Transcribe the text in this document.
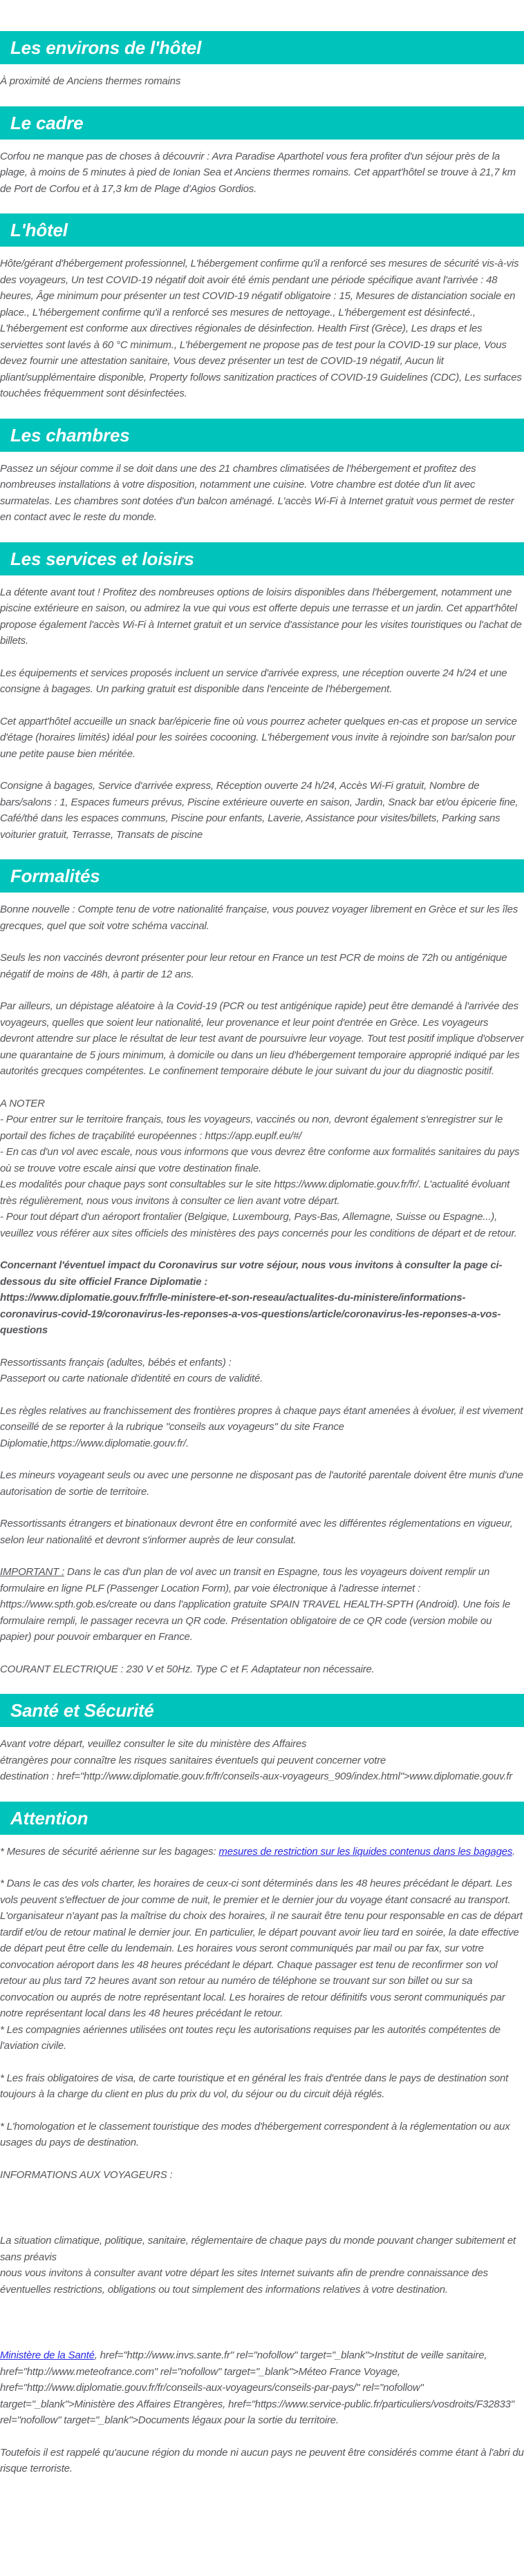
Les environs de l'hôtel

À proximité de Anciens thermes romains

Le cadre

Corfou ne manque pas de choses à découvrir : Avra Paradise Aparthotel vous fera profiter d'un séjour près de la plage, à moins de 5 minutes à pied de Ionian Sea et Anciens thermes romains. Cet appart'hôtel se trouve à 21,7 km de Port de Corfou et à 17,3 km de Plage d'Agios Gordios.

L'hôtel

Hôte/gérant d'hébergement professionnel, L'hébergement confirme qu'il a renforcé ses mesures de sécurité vis-à-vis des voyageurs, Un test COVID-19 négatif doit avoir été émis pendant une période spécifique avant l'arrivée : 48 heures, Âge minimum pour présenter un test COVID-19 négatif obligatoire : 15, Mesures de distanciation sociale en place., L'hébergement confirme qu'il a renforcé ses mesures de nettoyage., L'hébergement est désinfecté., L'hébergement est conforme aux directives régionales de désinfection. Health First (Grèce), Les draps et les serviettes sont lavés à 60 °C minimum., L'hébergement ne propose pas de test pour la COVID-19 sur place, Vous devez fournir une attestation sanitaire, Vous devez présenter un test de COVID-19 négatif, Aucun lit pliant/supplémentaire disponible, Property follows sanitization practices of COVID-19 Guidelines (CDC), Les surfaces touchées fréquemment sont désinfectées.

Les chambres

Passez un séjour comme il se doit dans une des 21 chambres climatisées de l'hébergement et profitez des nombreuses installations à votre disposition, notamment une cuisine. Votre chambre est dotée d'un lit avec surmatelas. Les chambres sont dotées d'un balcon aménagé. L'accès Wi-Fi à Internet gratuit vous permet de rester en contact avec le reste du monde.

Les services et loisirs

La détente avant tout ! Profitez des nombreuses options de loisirs disponibles dans l'hébergement, notamment une piscine extérieure en saison, ou admirez la vue qui vous est offerte depuis une terrasse et un jardin. Cet appart'hôtel propose également l'accès Wi-Fi à Internet gratuit et un service d'assistance pour les visites touristiques ou l'achat de billets.

Les équipements et services proposés incluent un service d'arrivée express, une réception ouverte 24 h/24 et une consigne à bagages. Un parking gratuit est disponible dans l'enceinte de l'hébergement.

Cet appart'hôtel accueille un snack bar/épicerie fine où vous pourrez acheter quelques en-cas et propose un service d'étage (horaires limités) idéal pour les soirées cocooning. L'hébergement vous invite à rejoindre son bar/salon pour une petite pause bien méritée.

Consigne à bagages, Service d'arrivée express, Réception ouverte 24 h/24, Accès Wi-Fi gratuit, Nombre de bars/salons : 1, Espaces fumeurs prévus, Piscine extérieure ouverte en saison, Jardin, Snack bar et/ou épicerie fine, Café/thé dans les espaces communs, Piscine pour enfants, Laverie, Assistance pour visites/billets, Parking sans voiturier gratuit, Terrasse, Transats de piscine

Formalités

Bonne nouvelle : Compte tenu de votre nationalité française, vous pouvez voyager librement en Grèce et sur les îles grecques, quel que soit votre schéma vaccinal.

Seuls les non vaccinés devront présenter pour leur retour en France un test PCR de moins de 72h ou antigénique négatif de moins de 48h, à partir de 12 ans.

Par ailleurs, un dépistage aléatoire à la Covid-19 (PCR ou test antigénique rapide) peut être demandé à l'arrivée des voyageurs, quelles que soient leur nationalité, leur provenance et leur point d'entrée en Grèce. Les voyageurs devront attendre sur place le résultat de leur test avant de poursuivre leur voyage. Tout test positif implique d'observer une quarantaine de 5 jours minimum, à domicile ou dans un lieu d'hébergement temporaire approprié indiqué par les autorités grecques compétentes. Le confinement temporaire débute le jour suivant du jour du diagnostic positif.

A NOTER
- Pour entrer sur le territoire français, tous les voyageurs, vaccinés ou non, devront également s'enregistrer sur le portail des fiches de traçabilité européennes : https://app.euplf.eu/#/
- En cas d'un vol avec escale, nous vous informons que vous devrez être conforme aux formalités sanitaires du pays où se trouve votre escale ainsi que votre destination finale.
Les modalités pour chaque pays sont consultables sur le site https://www.diplomatie.gouv.fr/fr/. L'actualité évoluant très régulièrement, nous vous invitons à consulter ce lien avant votre départ.
- Pour tout départ d'un aéroport frontalier (Belgique, Luxembourg, Pays-Bas, Allemagne, Suisse ou Espagne...), veuillez vous référer aux sites officiels des ministères des pays concernés pour les conditions de départ et de retour.
Concernant l'éventuel impact du Coronavirus sur votre séjour, nous vous invitons à consulter la page ci-dessous du site officiel France Diplomatie :
https://www.diplomatie.gouv.fr/fr/le-ministere-et-son-reseau/actualites-du-ministere/informations-coronavirus-covid-19/coronavirus-les-reponses-a-vos-questions/article/coronavirus-les-reponses-a-vos-questions
Ressortissants français (adultes, bébés et enfants) :
Passeport ou carte nationale d'identité en cours de validité.

Les règles relatives au franchissement des frontières propres à chaque pays étant amenées à évoluer, il est vivement conseillé de se reporter à la rubrique "conseils aux voyageurs" du site France Diplomatie,https://www.diplomatie.gouv.fr/.

Les mineurs voyageant seuls ou avec une personne ne disposant pas de l'autorité parentale doivent être munis d'une autorisation de sortie de territoire.

Ressortissants étrangers et binationaux devront être en conformité avec les différentes réglementations en vigueur, selon leur nationalité et devront s'informer auprès de leur consulat.

IMPORTANT : Dans le cas d'un plan de vol avec un transit en Espagne, tous les voyageurs doivent remplir un formulaire en ligne PLF (Passenger Location Form), par voie électronique à l'adresse internet : https://www.spth.gob.es/create ou dans l'application gratuite SPAIN TRAVEL HEALTH-SPTH (Android). Une fois le formulaire rempli, le passager recevra un QR code. Présentation obligatoire de ce QR code (version mobile ou papier) pour pouvoir embarquer en France.

COURANT ELECTRIQUE : 230 V et 50Hz. Type C et F. Adaptateur non nécessaire.

Santé et Sécurité
Avant votre départ, veuillez consulter le site du ministère des Affaires
étrangères pour connaître les risques sanitaires éventuels qui peuvent concerner votre
destination : href="http://www.diplomatie.gouv.fr/fr/conseils-aux-voyageurs_909/index.html">www.diplomatie.gouv.fr
Attention

* Mesures de sécurité aérienne sur les bagages: mesures de restriction sur les liquides contenus dans les bagages.

* Dans le cas des vols charter, les horaires de ceux-ci sont déterminés dans les 48 heures précédant le départ. Les vols peuvent s'effectuer de jour comme de nuit, le premier et le dernier jour du voyage étant consacré au transport. L'organisateur n'ayant pas la maîtrise du choix des horaires, il ne saurait être tenu pour responsable en cas de départ tardif et/ou de retour matinal le dernier jour. En particulier, le départ pouvant avoir lieu tard en soirée, la date effective de départ peut être celle du lendemain. Les horaires vous seront communiqués par mail ou par fax, sur votre convocation aéroport dans les 48 heures précédant le départ. Chaque passager est tenu de reconfirmer son vol retour au plus tard 72 heures avant son retour au numéro de téléphone se trouvant sur son billet ou sur sa convocation ou auprés de notre représentant local. Les horaires de retour définitifs vous seront communiqués par notre représentant local dans les 48 heures précédant le retour.
* Les compagnies aériennes utilisées ont toutes reçu les autorisations requises par les autorités compétentes de l'aviation civile.

* Les frais obligatoires de visa, de carte touristique et en général les frais d'entrée dans le pays de destination sont toujours à la charge du client en plus du prix du vol, du séjour ou du circuit déjà réglés.

* L'homologation et le classement touristique des modes d'hébergement correspondent à la réglementation ou aux usages du pays de destination.

INFORMATIONS AUX VOYAGEURS :

La situation climatique, politique, sanitaire, réglementaire de chaque pays du monde pouvant changer subitement et sans préavis
nous vous invitons à consulter avant votre départ les sites Internet suivants afin de prendre connaissance des éventuelles restrictions, obligations ou tout simplement des informations relatives à votre destination.
Ministère de la Santé, href="http://www.invs.sante.fr" rel="nofollow" target="_blank">Institut de veille sanitaire,
href="http://www.meteofrance.com" rel="nofollow" target="_blank">Méteo France Voyage,
href="http://www.diplomatie.gouv.fr/fr/conseils-aux-voyageurs/conseils-par-pays/" rel="nofollow" target="_blank">Ministère des Affaires Etrangères, href="https://www.service-public.fr/particuliers/vosdroits/F32833" rel="nofollow" target="_blank">Documents légaux pour la sortie du territoire.

Toutefois il est rappelé qu'aucune région du monde ni aucun pays ne peuvent être considérés comme étant à l'abri du risque terroriste.
